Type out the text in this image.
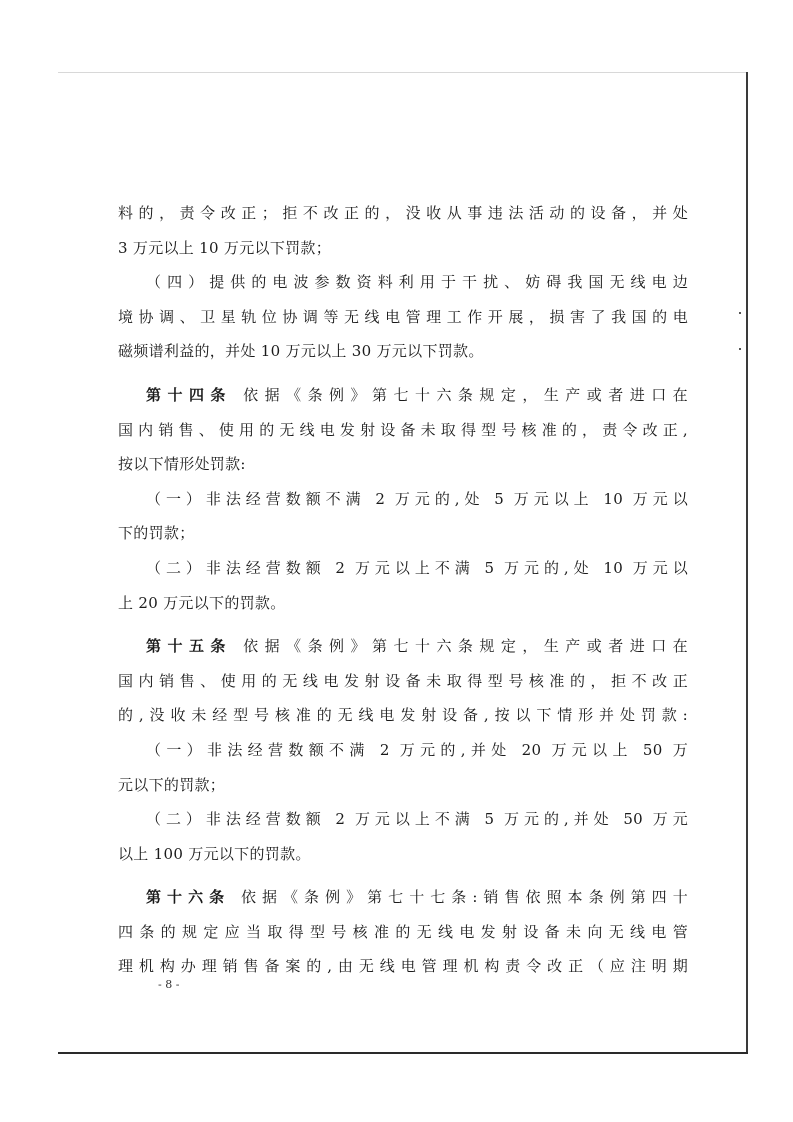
料的，责令改正；拒不改正的，没收从事违法活动的设备，并处
3 万元以上 10 万元以下罚款；
（四）提供的电波参数资料利用于干扰、妨碍我国无线电边
境协调、卫星轨位协调等无线电管理工作开展，损害了我国的电
磁频谱利益的，并处 10 万元以上 30 万元以下罚款。
第十四条 依据《条例》第七十六条规定，生产或者进口在
国内销售、使用的无线电发射设备未取得型号核准的，责令改正,
按以下情形处罚款:
（一）非法经营数额不满 2 万元的,处 5 万元以上 10 万元以
下的罚款；
（二）非法经营数额 2 万元以上不满 5 万元的,处 10 万元以
上 20 万元以下的罚款。
第十五条 依据《条例》第七十六条规定，生产或者进口在
国内销售、使用的无线电发射设备未取得型号核准的，拒不改正
的,没收未经型号核准的无线电发射设备,按以下情形并处罚款:
（一）非法经营数额不满 2 万元的,并处 20 万元以上 50 万
元以下的罚款；
（二）非法经营数额 2 万元以上不满 5 万元的,并处 50 万元
以上 100 万元以下的罚款。
第十六条 依据《条例》第七十七条:销售依照本条例第四十
四条的规定应当取得型号核准的无线电发射设备未向无线电管
理机构办理销售备案的,由无线电管理机构责令改正（应注明期
- 8 -
